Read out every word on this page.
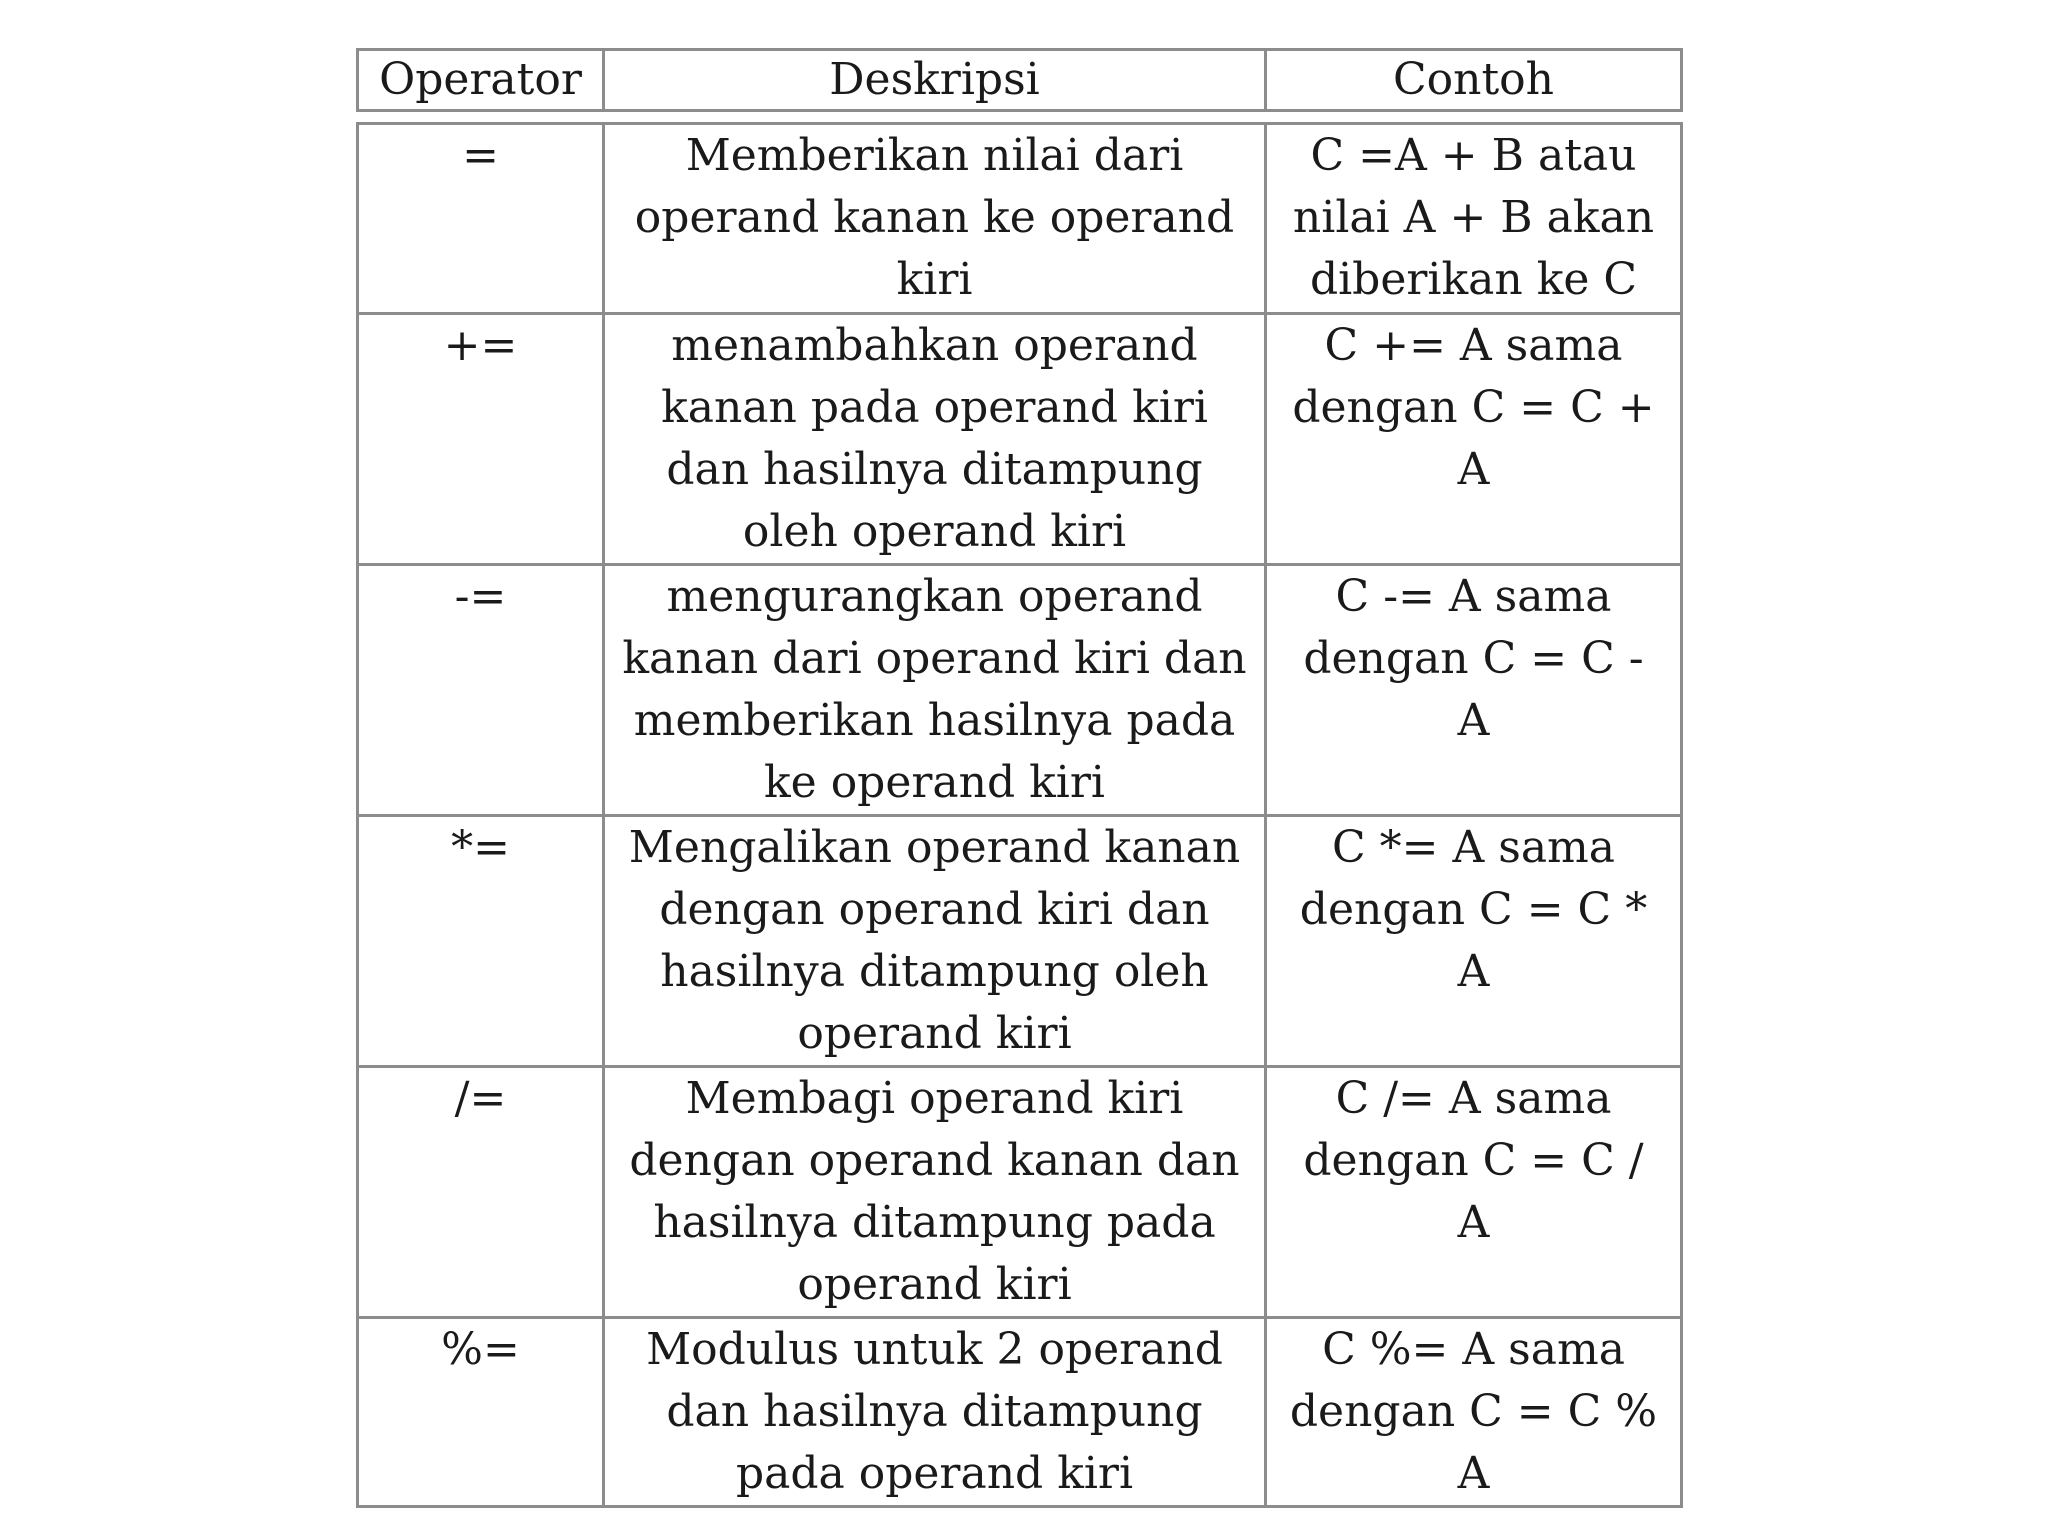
Operator	Deskripsi	Contoh
=	Memberikan nilai dari operand kanan ke operand kiri	C =A + B atau nilai A + B akan diberikan ke C
+=	menambahkan operand kanan pada operand kiri dan hasilnya ditampung oleh operand kiri	C += A sama dengan C = C + A
-=	mengurangkan operand kanan dari operand kiri dan memberikan hasilnya pada ke operand kiri	C -= A sama dengan C = C - A
*=	Mengalikan operand kanan dengan operand kiri dan hasilnya ditampung oleh operand kiri	C *= A sama dengan C = C * A
/=	Membagi operand kiri dengan operand kanan dan hasilnya ditampung pada operand kiri	C /= A sama dengan C = C / A
%=	Modulus untuk 2 operand dan hasilnya ditampung pada operand kiri	C %= A sama dengan C = C % A
